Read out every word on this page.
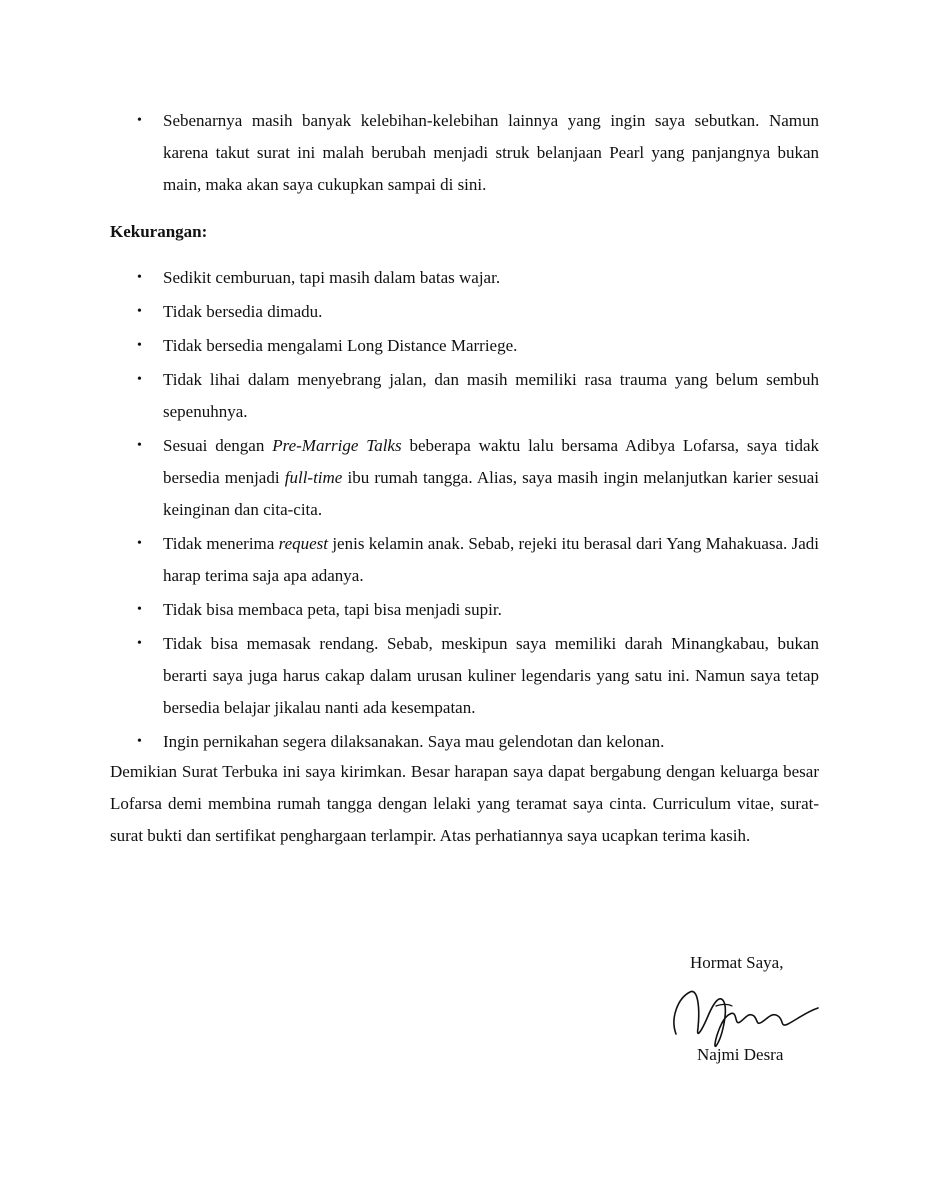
• Sebenarnya masih banyak kelebihan-kelebihan lainnya yang ingin saya sebutkan. Namun karena takut surat ini malah berubah menjadi struk belanjaan Pearl yang panjangnya bukan main, maka akan saya cukupkan sampai di sini.
Kekurangan:
• Sedikit cemburuan, tapi masih dalam batas wajar.
• Tidak bersedia dimadu.
• Tidak bersedia mengalami Long Distance Marriege.
• Tidak lihai dalam menyebrang jalan, dan masih memiliki rasa trauma yang belum sembuh sepenuhnya.
• Sesuai dengan Pre-Marrige Talks beberapa waktu lalu bersama Adibya Lofarsa, saya tidak bersedia menjadi full-time ibu rumah tangga. Alias, saya masih ingin melanjutkan karier sesuai keinginan dan cita-cita.
• Tidak menerima request jenis kelamin anak. Sebab, rejeki itu berasal dari Yang Mahakuasa. Jadi harap terima saja apa adanya.
• Tidak bisa membaca peta, tapi bisa menjadi supir.
• Tidak bisa memasak rendang. Sebab, meskipun saya memiliki darah Minangkabau, bukan berarti saya juga harus cakap dalam urusan kuliner legendaris yang satu ini. Namun saya tetap bersedia belajar jikalau nanti ada kesempatan.
• Ingin pernikahan segera dilaksanakan. Saya mau gelendotan dan kelonan.

Demikian Surat Terbuka ini saya kirimkan. Besar harapan saya dapat bergabung dengan keluarga besar Lofarsa demi membina rumah tangga dengan lelaki yang teramat saya cinta. Curriculum vitae, surat-surat bukti dan sertifikat penghargaan terlampir. Atas perhatiannya saya ucapkan terima kasih.

Hormat Saya,
Najmi Desra
